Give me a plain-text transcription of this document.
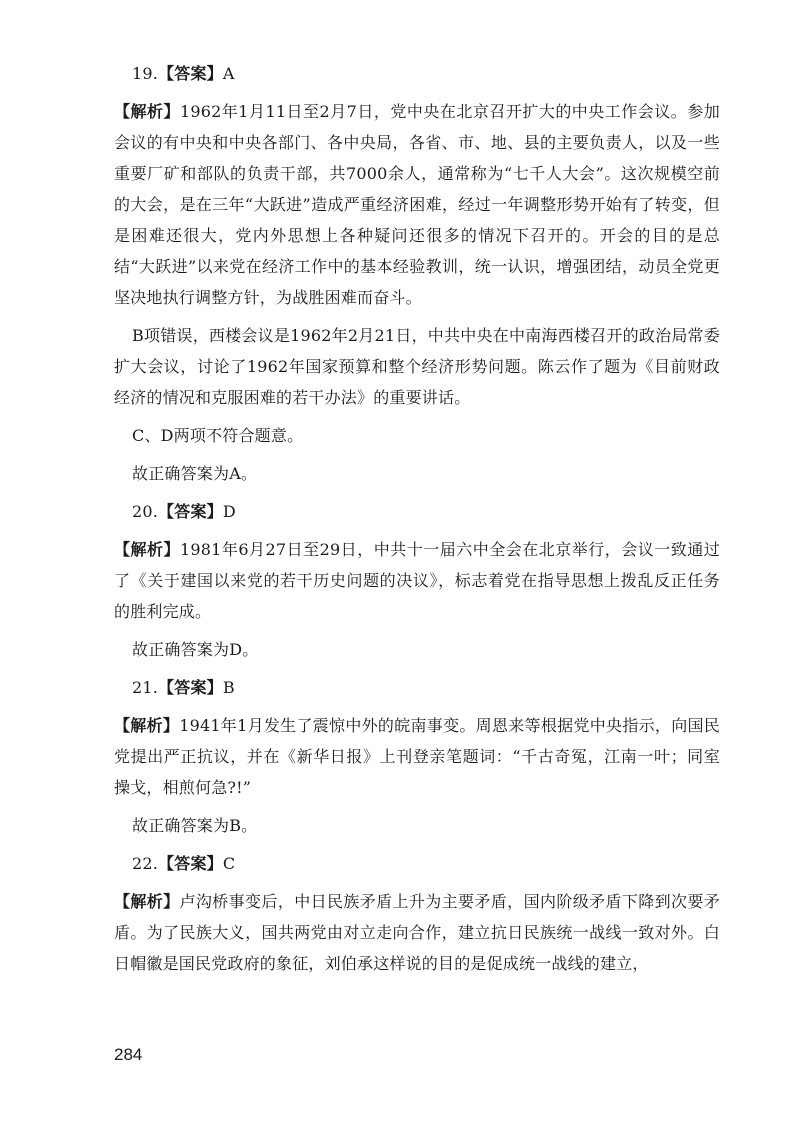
19.【答案】A

【解析】1962年1月11日至2月7日，党中央在北京召开扩大的中央工作会议。参加会议的有中央和中央各部门、各中央局，各省、市、地、县的主要负责人，以及一些重要厂矿和部队的负责干部，共7000余人，通常称为“七千人大会”。这次规模空前的大会，是在三年“大跃进”造成严重经济困难，经过一年调整形势开始有了转变，但是困难还很大，党内外思想上各种疑问还很多的情况下召开的。开会的目的是总结“大跃进”以来党在经济工作中的基本经验教训，统一认识，增强团结，动员全党更坚决地执行调整方针，为战胜困难而奋斗。

B项错误，西楼会议是1962年2月21日，中共中央在中南海西楼召开的政治局常委扩大会议，讨论了1962年国家预算和整个经济形势问题。陈云作了题为《目前财政经济的情况和克服困难的若干办法》的重要讲话。

C、D两项不符合题意。

故正确答案为A。

20.【答案】D

【解析】1981年6月27日至29日，中共十一届六中全会在北京举行，会议一致通过了《关于建国以来党的若干历史问题的决议》，标志着党在指导思想上拨乱反正任务的胜利完成。

故正确答案为D。

21.【答案】B

【解析】1941年1月发生了震惊中外的皖南事变。周恩来等根据党中央指示，向国民党提出严正抗议，并在《新华日报》上刊登亲笔题词：“千古奇冤，江南一叶；同室操戈，相煎何急?!”

故正确答案为B。

22.【答案】C

【解析】卢沟桥事变后，中日民族矛盾上升为主要矛盾，国内阶级矛盾下降到次要矛盾。为了民族大义，国共两党由对立走向合作，建立抗日民族统一战线一致对外。白日帽徽是国民党政府的象征，刘伯承这样说的目的是促成统一战线的建立，

284
